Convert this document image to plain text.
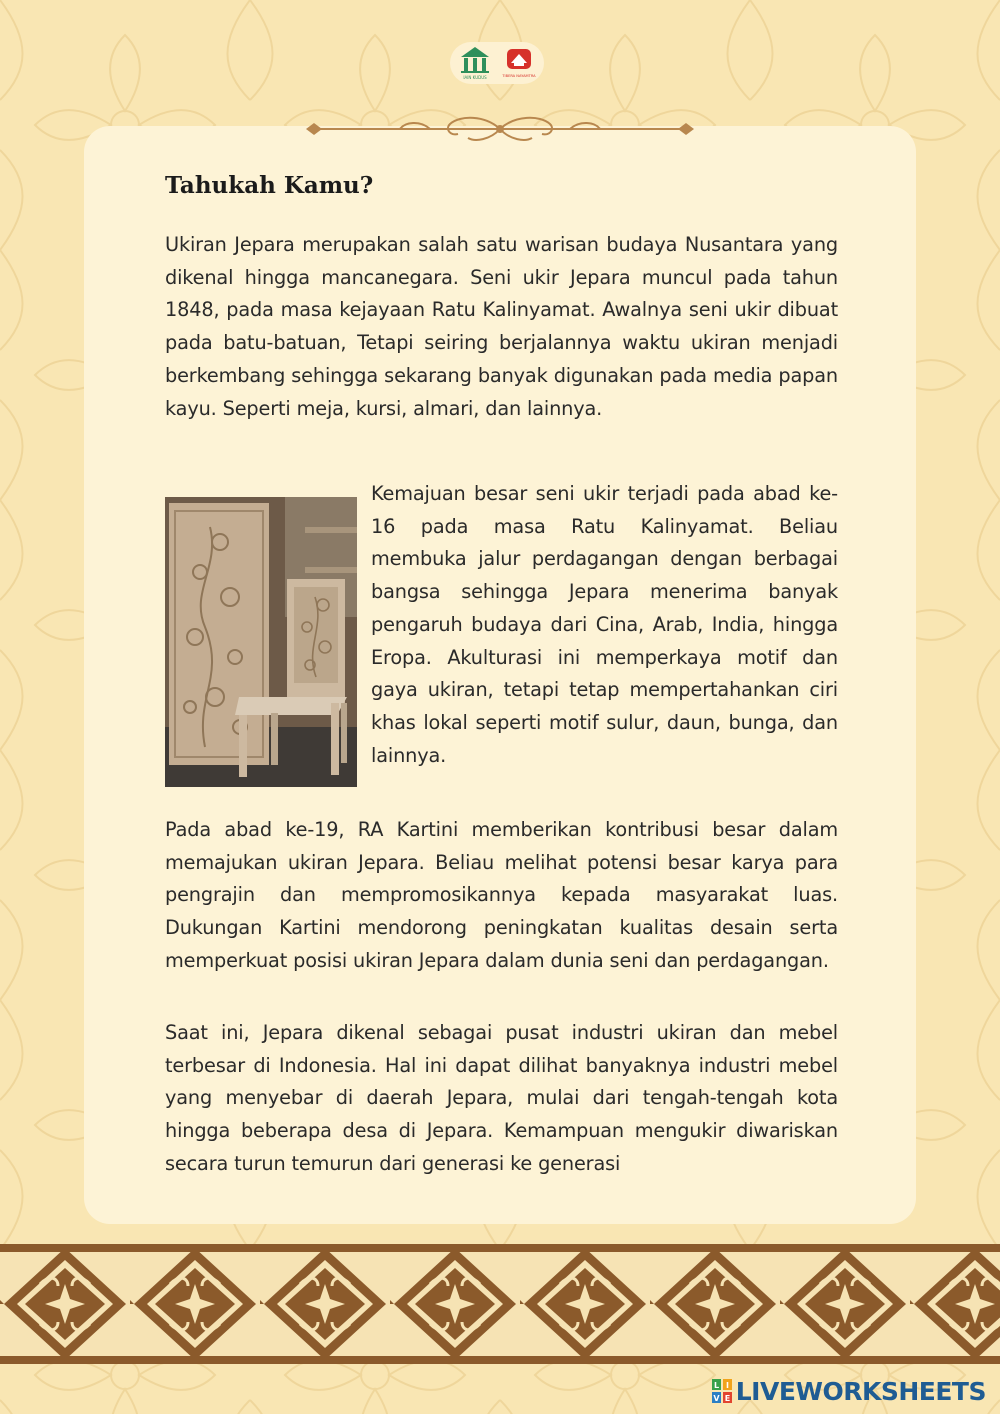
IAIN KUDUS	TIBERA NAYAMTRA
Tahukah Kamu?

Ukiran Jepara merupakan salah satu warisan budaya Nusantara yang dikenal hingga mancanegara. Seni ukir Jepara muncul pada tahun 1848, pada masa kejayaan Ratu Kalinyamat. Awalnya seni ukir dibuat pada batu-batuan, Tetapi seiring berjalannya waktu ukiran menjadi berkembang sehingga sekarang banyak digunakan pada media papan kayu. Seperti meja, kursi, almari, dan lainnya.

Kemajuan besar seni ukir terjadi pada abad ke-16 pada masa Ratu Kalinyamat. Beliau membuka jalur perdagangan dengan berbagai bangsa sehingga Jepara menerima banyak pengaruh budaya dari Cina, Arab, India, hingga Eropa. Akulturasi ini memperkaya motif dan gaya ukiran, tetapi tetap mempertahankan ciri khas lokal seperti motif sulur, daun, bunga, dan lainnya.

Pada abad ke-19, RA Kartini memberikan kontribusi besar dalam memajukan ukiran Jepara. Beliau melihat potensi besar karya para pengrajin dan mempromosikannya kepada masyarakat luas. Dukungan Kartini mendorong peningkatan kualitas desain serta memperkuat posisi ukiran Jepara dalam dunia seni dan perdagangan.

Saat ini, Jepara dikenal sebagai pusat industri ukiran dan mebel terbesar di Indonesia. Hal ini dapat dilihat banyaknya industri mebel yang menyebar di daerah Jepara, mulai dari tengah-tengah kota hingga beberapa desa di Jepara. Kemampuan mengukir diwariskan secara turun temurun dari generasi ke generasi

L I
V E LIVEWORKSHEETS
